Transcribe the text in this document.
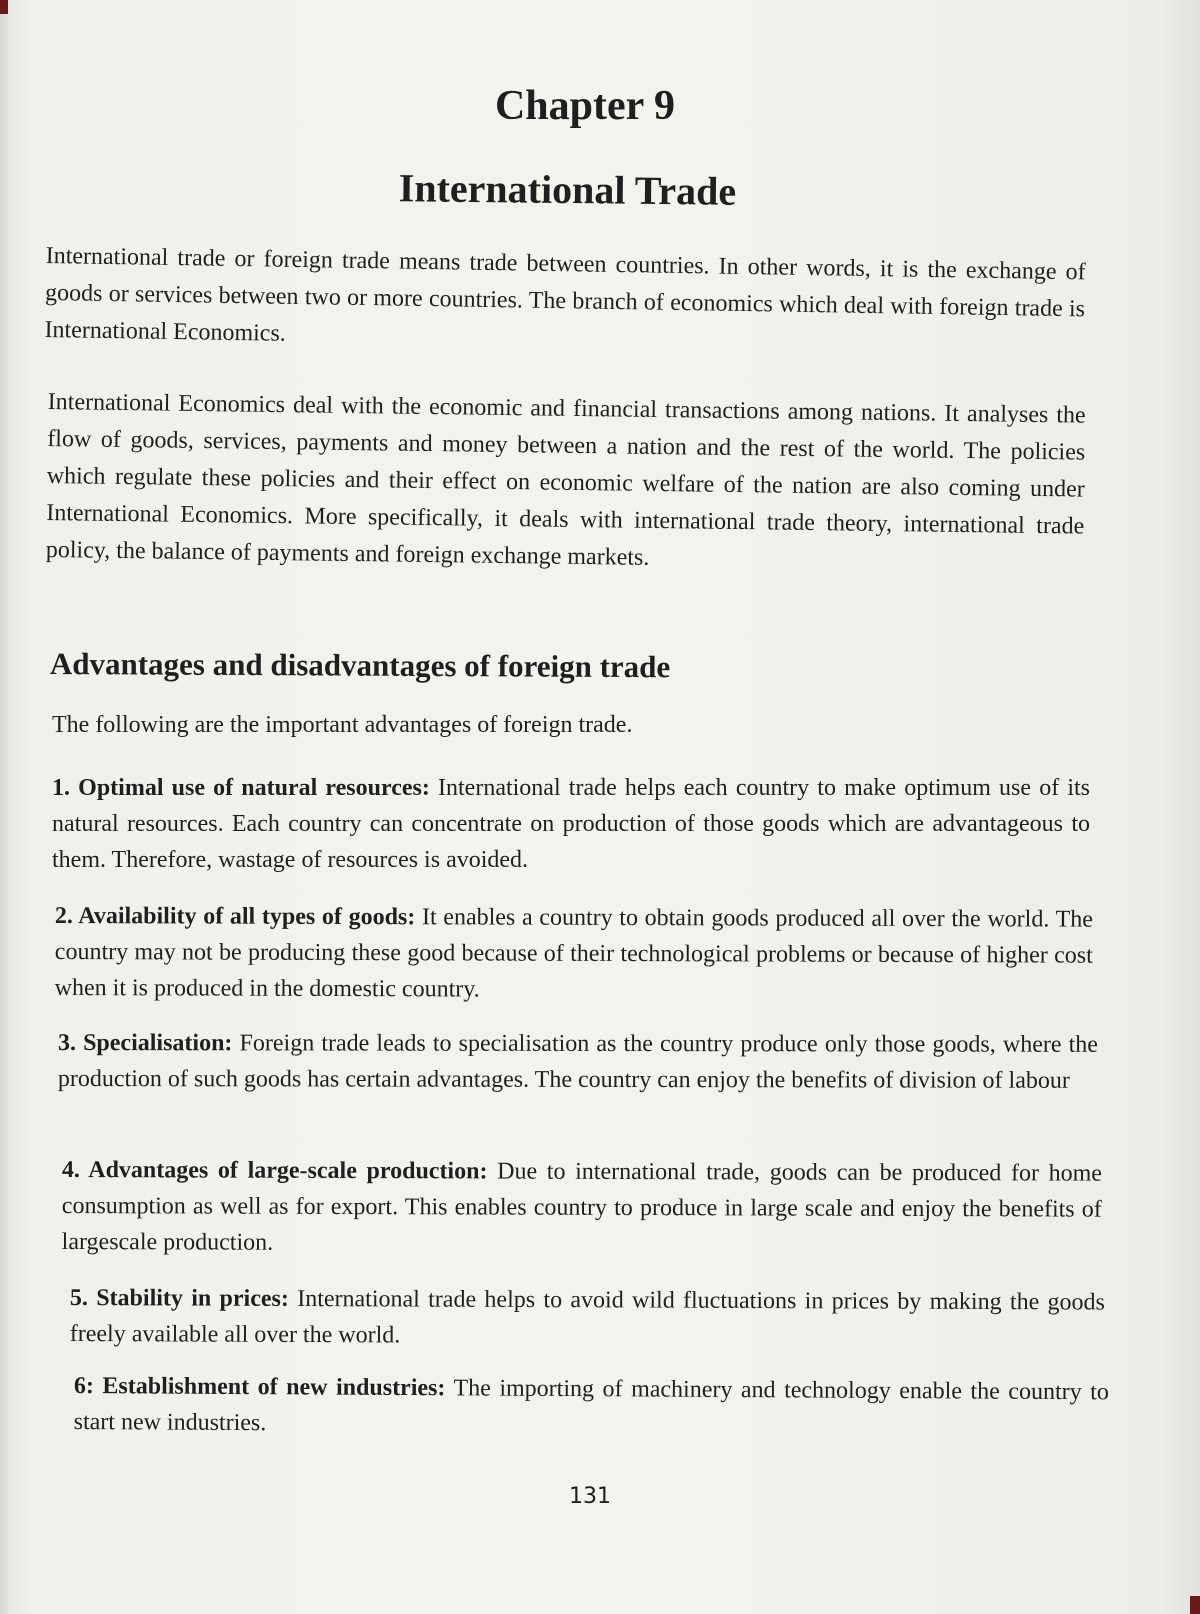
Chapter 9
International Trade

International trade or foreign trade means trade between countries. In other words, it is the exchange of goods or services between two or more countries. The branch of economics which deal with foreign trade is International Economics.

International Economics deal with the economic and financial transactions among nations. It analyses the flow of goods, services, payments and money between a nation and the rest of the world. The policies which regulate these policies and their effect on economic welfare of the nation are also coming under International Economics. More specifically, it deals with international trade theory, international trade policy, the balance of payments and foreign exchange markets.

Advantages and disadvantages of foreign trade
The following are the important advantages of foreign trade.
1. Optimal use of natural resources: International trade helps each country to make optimum use of its natural resources. Each country can concentrate on production of those goods which are advantageous to them. Therefore, wastage of resources is avoided.
2. Availability of all types of goods: It enables a country to obtain goods produced all over the world. The country may not be producing these good because of their technological problems or because of higher cost when it is produced in the domestic country.
3. Specialisation: Foreign trade leads to specialisation as the country produce only those goods, where the production of such goods has certain advantages. The country can enjoy the benefits of division of labour
4. Advantages of large-scale production: Due to international trade, goods can be produced for home consumption as well as for export. This enables country to produce in large scale and enjoy the benefits of largescale production.
5. Stability in prices: International trade helps to avoid wild fluctuations in prices by making the goods freely available all over the world.
6: Establishment of new industries: The importing of machinery and technology enable the country to start new industries.
131
